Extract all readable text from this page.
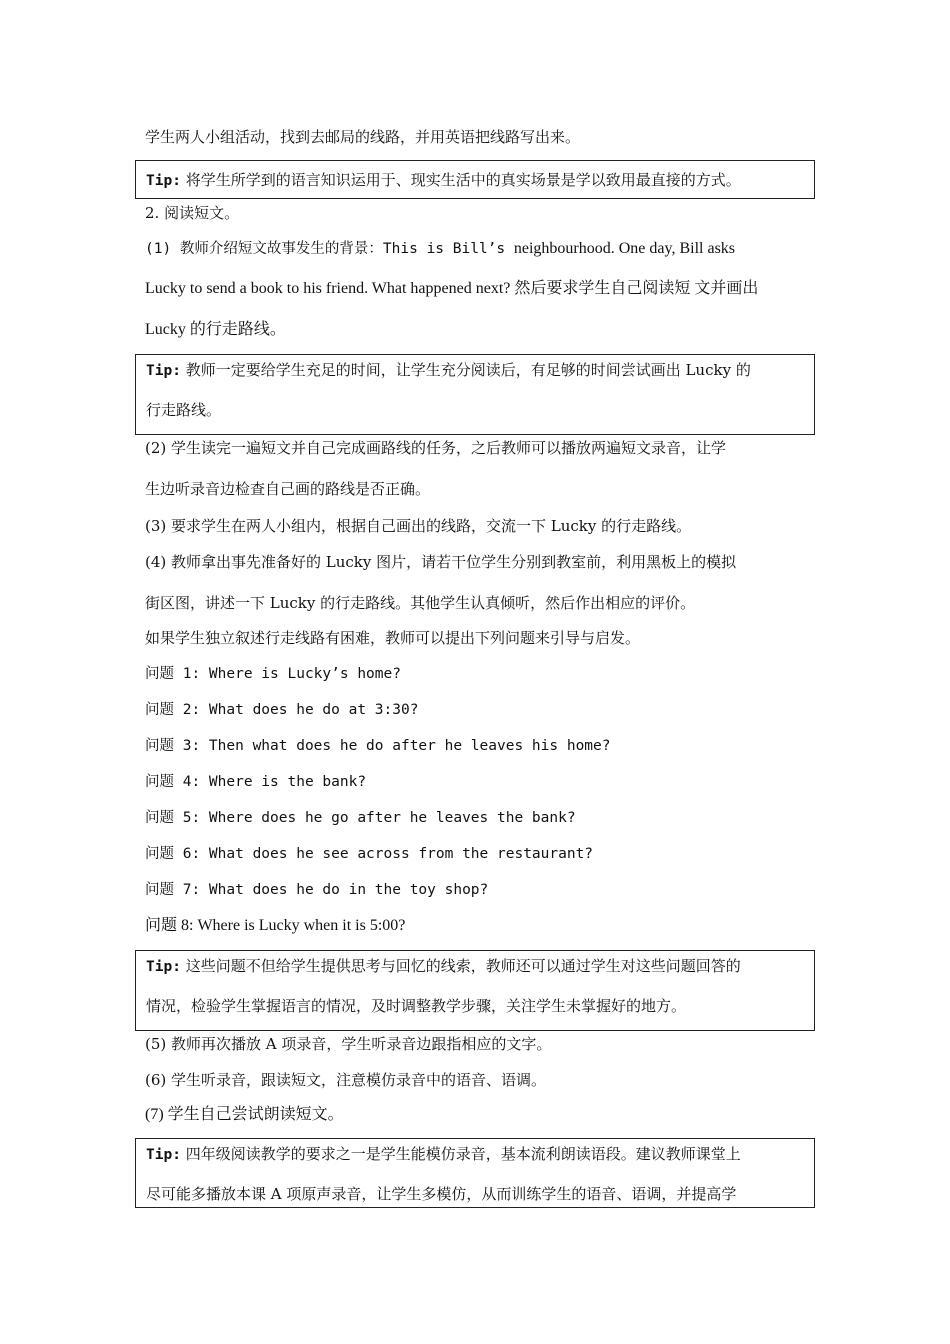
学生两人小组活动，找到去邮局的线路，并用英语把线路写出来。
Tip: 将学生所学到的语言知识运用于、现实生活中的真实场景是学以致用最直接的方式。
2. 阅读短文。
(1) 教师介绍短文故事发生的背景：This is Bill’s neighbourhood. One day, Bill asks
Lucky to send a book to his friend. What happened next? 然后要求学生自己阅读短 文并画出
Lucky 的行走路线。
Tip: 教师一定要给学生充足的时间，让学生充分阅读后，有足够的时间尝试画出 Lucky 的
行走路线。
(2) 学生读完一遍短文并自己完成画路线的任务，之后教师可以播放两遍短文录音，让学
生边听录音边检查自己画的路线是否正确。
(3) 要求学生在两人小组内，根据自己画出的线路，交流一下 Lucky 的行走路线。
(4) 教师拿出事先准备好的 Lucky 图片，请若干位学生分别到教室前，利用黑板上的模拟
街区图，讲述一下 Lucky 的行走路线。其他学生认真倾听，然后作出相应的评价。
如果学生独立叙述行走线路有困难，教师可以提出下列问题来引导与启发。
问题 1: Where is Lucky’s home?
问题 2: What does he do at 3:30?
问题 3: Then what does he do after he leaves his home?
问题 4: Where is the bank?
问题 5: Where does he go after he leaves the bank?
问题 6: What does he see across from the restaurant?
问题 7: What does he do in the toy shop?
问题 8: Where is Lucky when it is 5:00?
Tip: 这些问题不但给学生提供思考与回忆的线索，教师还可以通过学生对这些问题回答的
情况，检验学生掌握语言的情况，及时调整教学步骤，关注学生未掌握好的地方。
(5) 教师再次播放 A 项录音，学生听录音边跟指相应的文字。
(6) 学生听录音，跟读短文，注意模仿录音中的语音、语调。
(7) 学生自己尝试朗读短文。
Tip: 四年级阅读教学的要求之一是学生能模仿录音，基本流利朗读语段。建议教师课堂上
尽可能多播放本课 A 项原声录音，让学生多模仿，从而训练学生的语音、语调，并提高学
